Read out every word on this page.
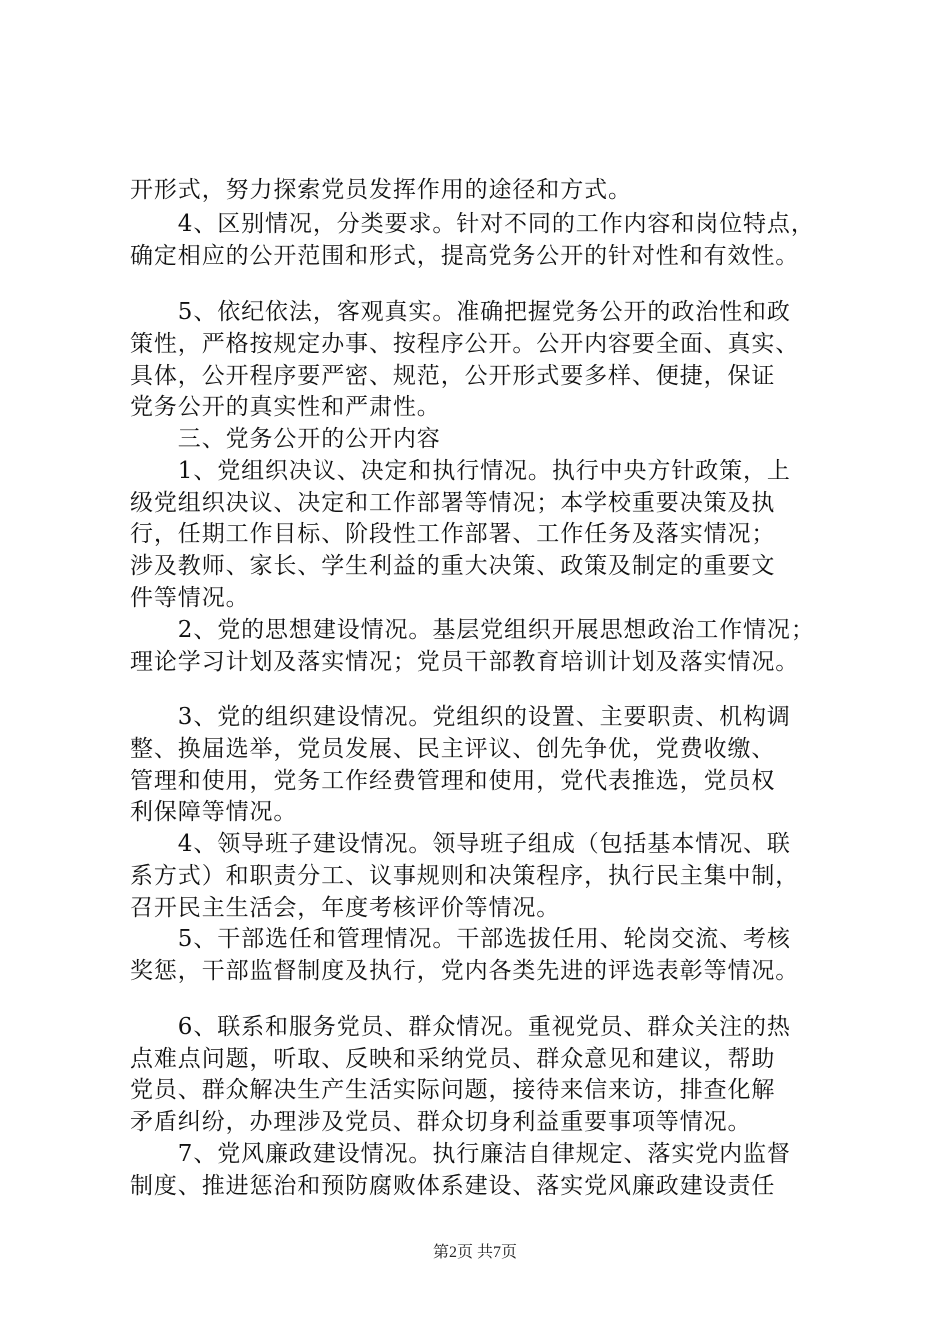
开形式，努力探索党员发挥作用的途径和方式。
　　4、区别情况，分类要求。针对不同的工作内容和岗位特点，
确定相应的公开范围和形式，提高党务公开的针对性和有效性。
　　5、依纪依法，客观真实。准确把握党务公开的政治性和政
策性，严格按规定办事、按程序公开。公开内容要全面、真实、
具体，公开程序要严密、规范，公开形式要多样、便捷，保证
党务公开的真实性和严肃性。
　　三、党务公开的公开内容
　　1、党组织决议、决定和执行情况。执行中央方针政策，上
级党组织决议、决定和工作部署等情况；本学校重要决策及执
行，任期工作目标、阶段性工作部署、工作任务及落实情况；
涉及教师、家长、学生利益的重大决策、政策及制定的重要文
件等情况。
　　2、党的思想建设情况。基层党组织开展思想政治工作情况；
理论学习计划及落实情况；党员干部教育培训计划及落实情况。
　　3、党的组织建设情况。党组织的设置、主要职责、机构调
整、换届选举，党员发展、民主评议、创先争优，党费收缴、
管理和使用，党务工作经费管理和使用，党代表推选，党员权
利保障等情况。
　　4、领导班子建设情况。领导班子组成（包括基本情况、联
系方式）和职责分工、议事规则和决策程序，执行民主集中制，
召开民主生活会，年度考核评价等情况。
　　5、干部选任和管理情况。干部选拔任用、轮岗交流、考核
奖惩，干部监督制度及执行，党内各类先进的评选表彰等情况。
　　6、联系和服务党员、群众情况。重视党员、群众关注的热
点难点问题，听取、反映和采纳党员、群众意见和建议，帮助
党员、群众解决生产生活实际问题，接待来信来访，排查化解
矛盾纠纷，办理涉及党员、群众切身利益重要事项等情况。
　　7、党风廉政建设情况。执行廉洁自律规定、落实党内监督
制度、推进惩治和预防腐败体系建设、落实党风廉政建设责任
第2页 共7页
